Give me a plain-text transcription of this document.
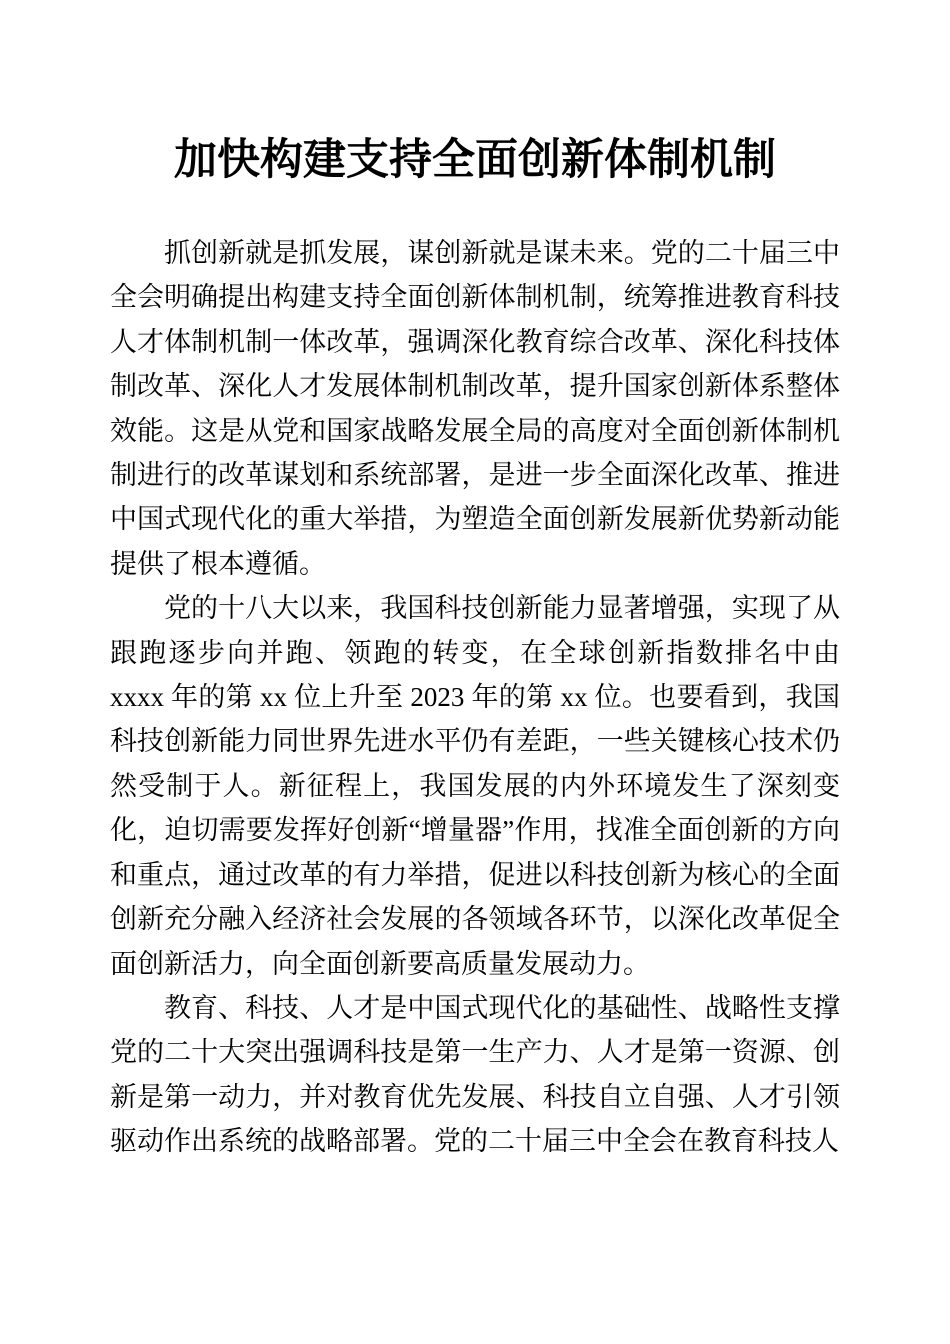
加快构建支持全面创新体制机制

抓创新就是抓发展，谋创新就是谋未来。党的二十届三中全会明确提出构建支持全面创新体制机制，统筹推进教育科技人才体制机制一体改革，强调深化教育综合改革、深化科技体制改革、深化人才发展体制机制改革，提升国家创新体系整体效能。这是从党和国家战略发展全局的高度对全面创新体制机制进行的改革谋划和系统部署，是进一步全面深化改革、推进中国式现代化的重大举措，为塑造全面创新发展新优势新动能提供了根本遵循。

党的十八大以来，我国科技创新能力显著增强，实现了从跟跑逐步向并跑、领跑的转变，在全球创新指数排名中由 xxxx 年的第 xx 位上升至 2023 年的第 xx 位。也要看到，我国科技创新能力同世界先进水平仍有差距，一些关键核心技术仍然受制于人。新征程上，我国发展的内外环境发生了深刻变化，迫切需要发挥好创新“增量器”作用，找准全面创新的方向和重点，通过改革的有力举措，促进以科技创新为核心的全面创新充分融入经济社会发展的各领域各环节，以深化改革促全面创新活力，向全面创新要高质量发展动力。

教育、科技、人才是中国式现代化的基础性、战略性支撑党的二十大突出强调科技是第一生产力、人才是第一资源、创新是第一动力，并对教育优先发展、科技自立自强、人才引领驱动作出系统的战略部署。党的二十届三中全会在教育科技人
